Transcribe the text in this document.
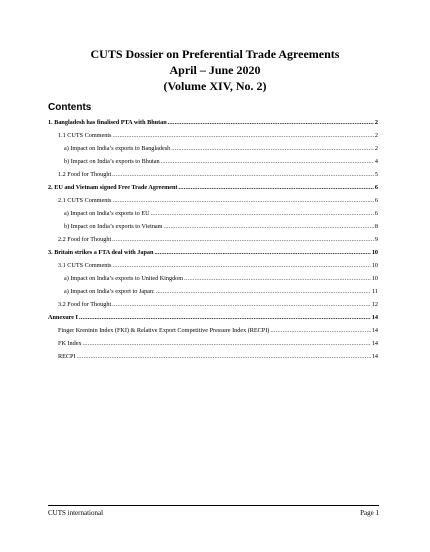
CUTS Dossier on Preferential Trade Agreements
April – June 2020
(Volume XIV, No. 2)
Contents
1. Bangladesh has finalised PTA with Bhutan .....	2
1.1 CUTS Comments .....	2
a) Impact on India’s exports to Bangladesh .....	2
b) Impact on India’s exports to Bhutan .....	4
1.2 Food for Thought .....	5
2. EU and Vietnam signed Free Trade Agreement .....	6
2.1 CUTS Comments .....	6
a) Impact on India’s exports to EU .....	6
b) Impact on India’s exports to Vietnam .....	8
2.2 Food for Thought .....	9
3. Britain strikes a FTA deal with Japan .....	10
3.1 CUTS Comments .....	10
a) Impact on India’s exports to United Kingdom .....	10
a) Impact on India’s export to Japan: .....	11
3.2 Food for Thought .....	12
Annexure I .....	14
Finger Kreninin Index (FKI) & Relative Export Competitive Pressure Index (RECPI) .....	14
FK Index .....	14
RECPI .....	14
CUTS international	Page 1
